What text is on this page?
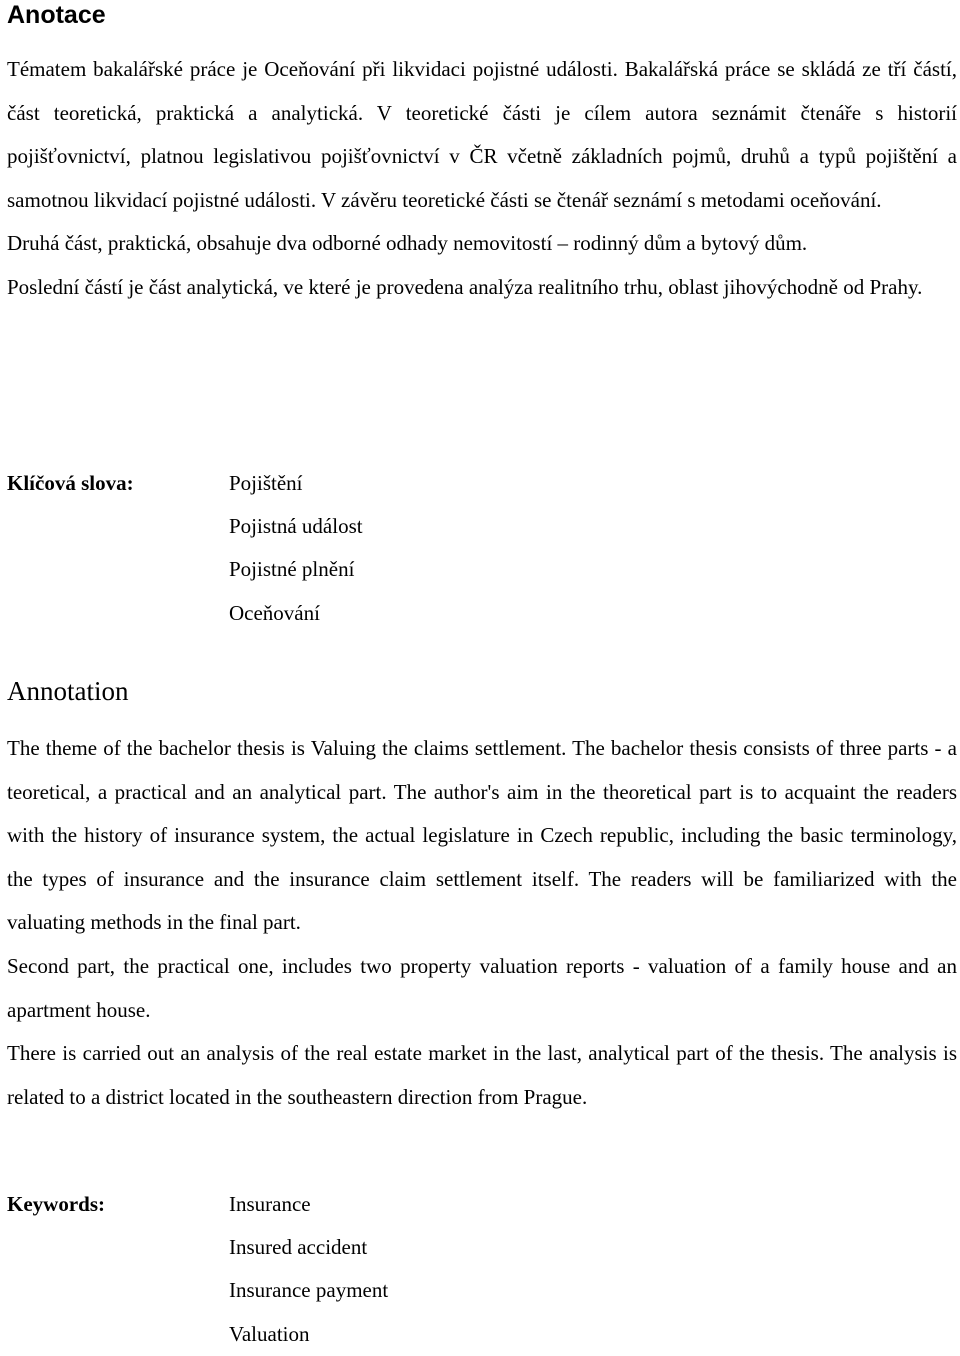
Anotace

Tématem bakalářské práce je Oceňování při likvidaci pojistné události. Bakalářská práce se skládá ze tří částí, část teoretická, praktická a analytická. V teoretické části je cílem autora seznámit čtenáře s historií pojišťovnictví, platnou legislativou pojišťovnictví v ČR včetně základních pojmů, druhů a typů pojištění a samotnou likvidací pojistné události. V závěru teoretické části se čtenář seznámí s metodami oceňování.

Druhá část, praktická, obsahuje dva odborné odhady nemovitostí – rodinný dům a bytový dům.

Poslední částí je část analytická, ve které je provedena analýza realitního trhu, oblast jihovýchodně od Prahy.

Klíčová slova:	Pojištění
Pojistná událost
Pojistné plnění
Oceňování
Annotation

The theme of the bachelor thesis is Valuing the claims settlement. The bachelor thesis consists of three parts - a teoretical, a practical and an analytical part. The author's aim in the theoretical part is to acquaint the readers with the history of insurance system, the actual legislature in Czech republic, including the basic terminology, the types of insurance and the insurance claim settlement itself. The readers will be familiarized with the valuating methods in the final part.

Second part, the practical one, includes two property valuation reports - valuation of a family house and an apartment house.

There is carried out an analysis of the real estate market in the last, analytical part of the thesis. The analysis is related to a district located in the southeastern direction from Prague.

Keywords:	Insurance
Insured accident
Insurance payment
Valuation
